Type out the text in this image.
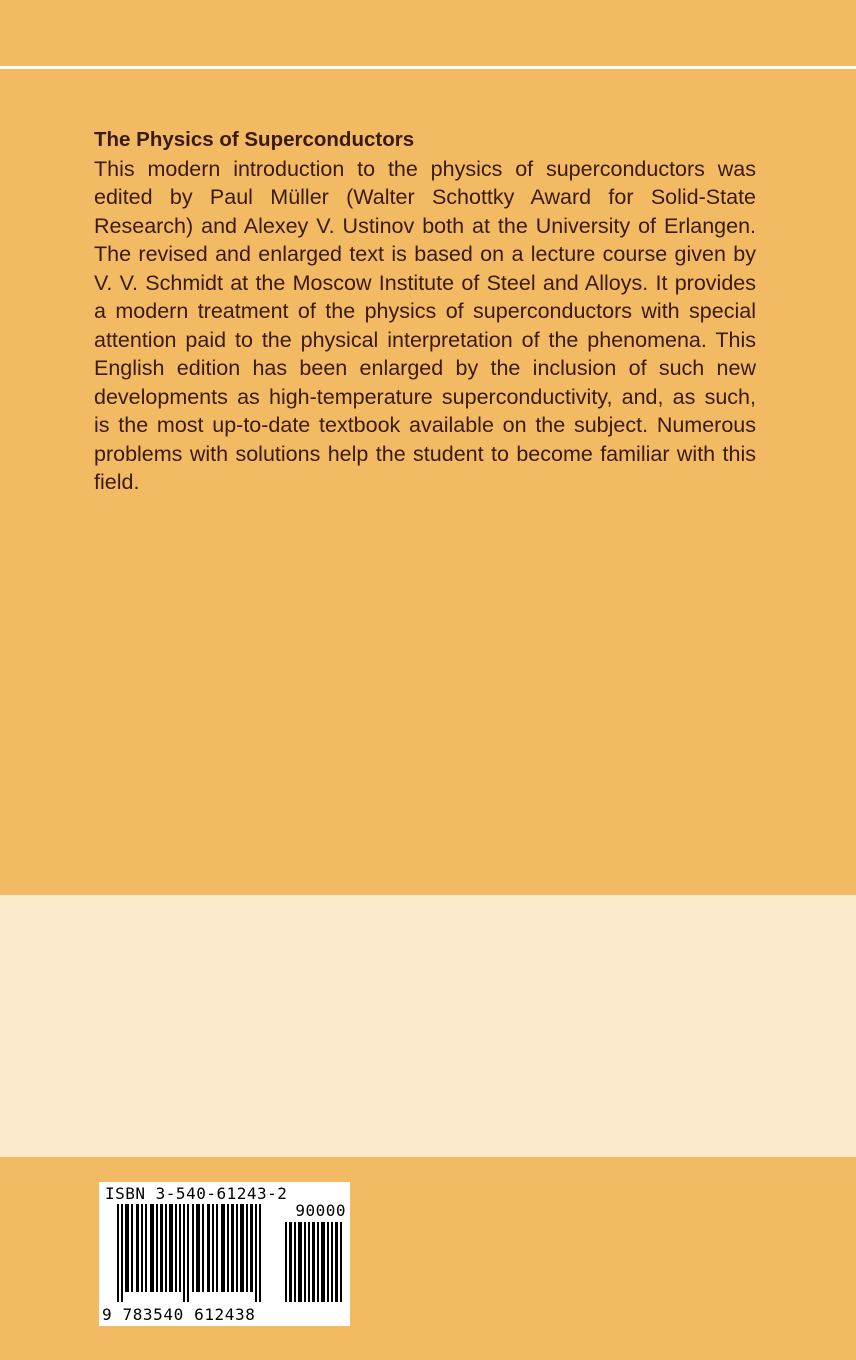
The Physics of Superconductors

This modern introduction to the physics of superconductors was edited by Paul Müller (Walter Schottky Award for Solid-State Research) and Alexey V. Ustinov both at the University of Erlangen. The revised and enlarged text is based on a lecture course given by V. V. Schmidt at the Moscow Institute of Steel and Alloys. It provides a modern treatment of the physics of superconductors with special attention paid to the physical interpretation of the phenomena. This English edition has been enlarged by the inclusion of such new developments as high-temperature superconductivity, and, as such, is the most up-to-date textbook available on the subject. Numerous problems with solutions help the student to become familiar with this field.

ISBN 3-540-61243-2
90000
9 783540 612438
